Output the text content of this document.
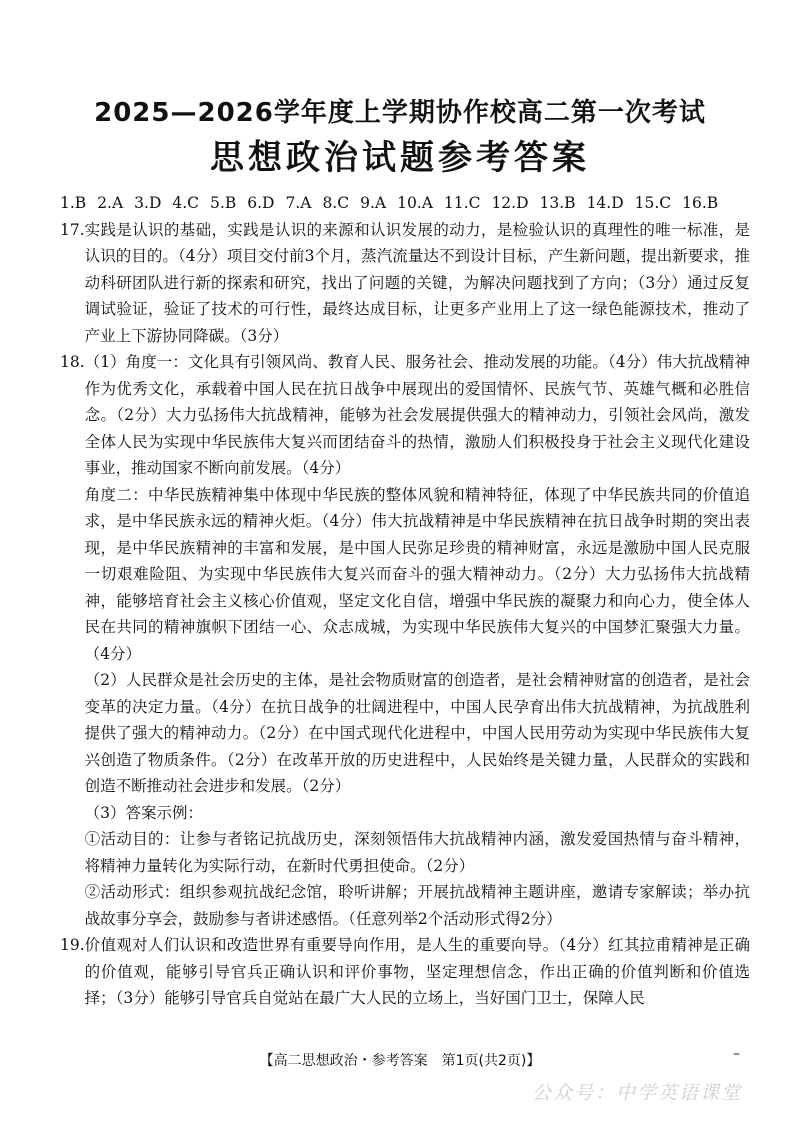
2025—2026学年度上学期协作校高二第一次考试
思想政治试题参考答案
1.B 2.A 3.D 4.C 5.B 6.D 7.A 8.C 9.A 10.A 11.C 12.D 13.B 14.D 15.C 16.B
17. 实践是认识的基础，实践是认识的来源和认识发展的动力，是检验认识的真理性的唯一标准，是认识的目的。（4分）项目交付前3个月，蒸汽流量达不到设计目标，产生新问题，提出新要求，推动科研团队进行新的探索和研究，找出了问题的关键，为解决问题找到了方向；（3分）通过反复调试验证，验证了技术的可行性，最终达成目标，让更多产业用上了这一绿色能源技术，推动了产业上下游协同降碳。（3分）
18. （1）角度一：文化具有引领风尚、教育人民、服务社会、推动发展的功能。（4分）伟大抗战精神作为优秀文化，承载着中国人民在抗日战争中展现出的爱国情怀、民族气节、英雄气概和必胜信念。（2分）大力弘扬伟大抗战精神，能够为社会发展提供强大的精神动力，引领社会风尚，激发全体人民为实现中华民族伟大复兴而团结奋斗的热情，激励人们积极投身于社会主义现代化建设事业，推动国家不断向前发展。（4分）

角度二：中华民族精神集中体现中华民族的整体风貌和精神特征，体现了中华民族共同的价值追求，是中华民族永远的精神火炬。（4分）伟大抗战精神是中华民族精神在抗日战争时期的突出表现，是中华民族精神的丰富和发展，是中国人民弥足珍贵的精神财富，永远是激励中国人民克服一切艰难险阻、为实现中华民族伟大复兴而奋斗的强大精神动力。（2分）大力弘扬伟大抗战精神，能够培育社会主义核心价值观，坚定文化自信，增强中华民族的凝聚力和向心力，使全体人民在共同的精神旗帜下团结一心、众志成城，为实现中华民族伟大复兴的中国梦汇聚强大力量。（4分）

（2）人民群众是社会历史的主体，是社会物质财富的创造者，是社会精神财富的创造者，是社会变革的决定力量。（4分）在抗日战争的壮阔进程中，中国人民孕育出伟大抗战精神，为抗战胜利提供了强大的精神动力。（2分）在中国式现代化进程中，中国人民用劳动为实现中华民族伟大复兴创造了物质条件。（2分）在改革开放的历史进程中，人民始终是关键力量，人民群众的实践和创造不断推动社会进步和发展。（2分）

（3）答案示例：

①活动目的：让参与者铭记抗战历史，深刻领悟伟大抗战精神内涵，激发爱国热情与奋斗精神，将精神力量转化为实际行动，在新时代勇担使命。（2分）

②活动形式：组织参观抗战纪念馆，聆听讲解；开展抗战精神主题讲座，邀请专家解读；举办抗战故事分享会，鼓励参与者讲述感悟。（任意列举2个活动形式得2分）

19. 价值观对人们认识和改造世界有重要导向作用，是人生的重要向导。（4分）红其拉甫精神是正确的价值观，能够引导官兵正确认识和评价事物，坚定理想信念，作出正确的价值判断和价值选择；（3分）能够引导官兵自觉站在最广大人民的立场上，当好国门卫士，保障人民
【高二思想政治・参考答案　第1页(共2页)】	–
公众号：中学英语课堂
